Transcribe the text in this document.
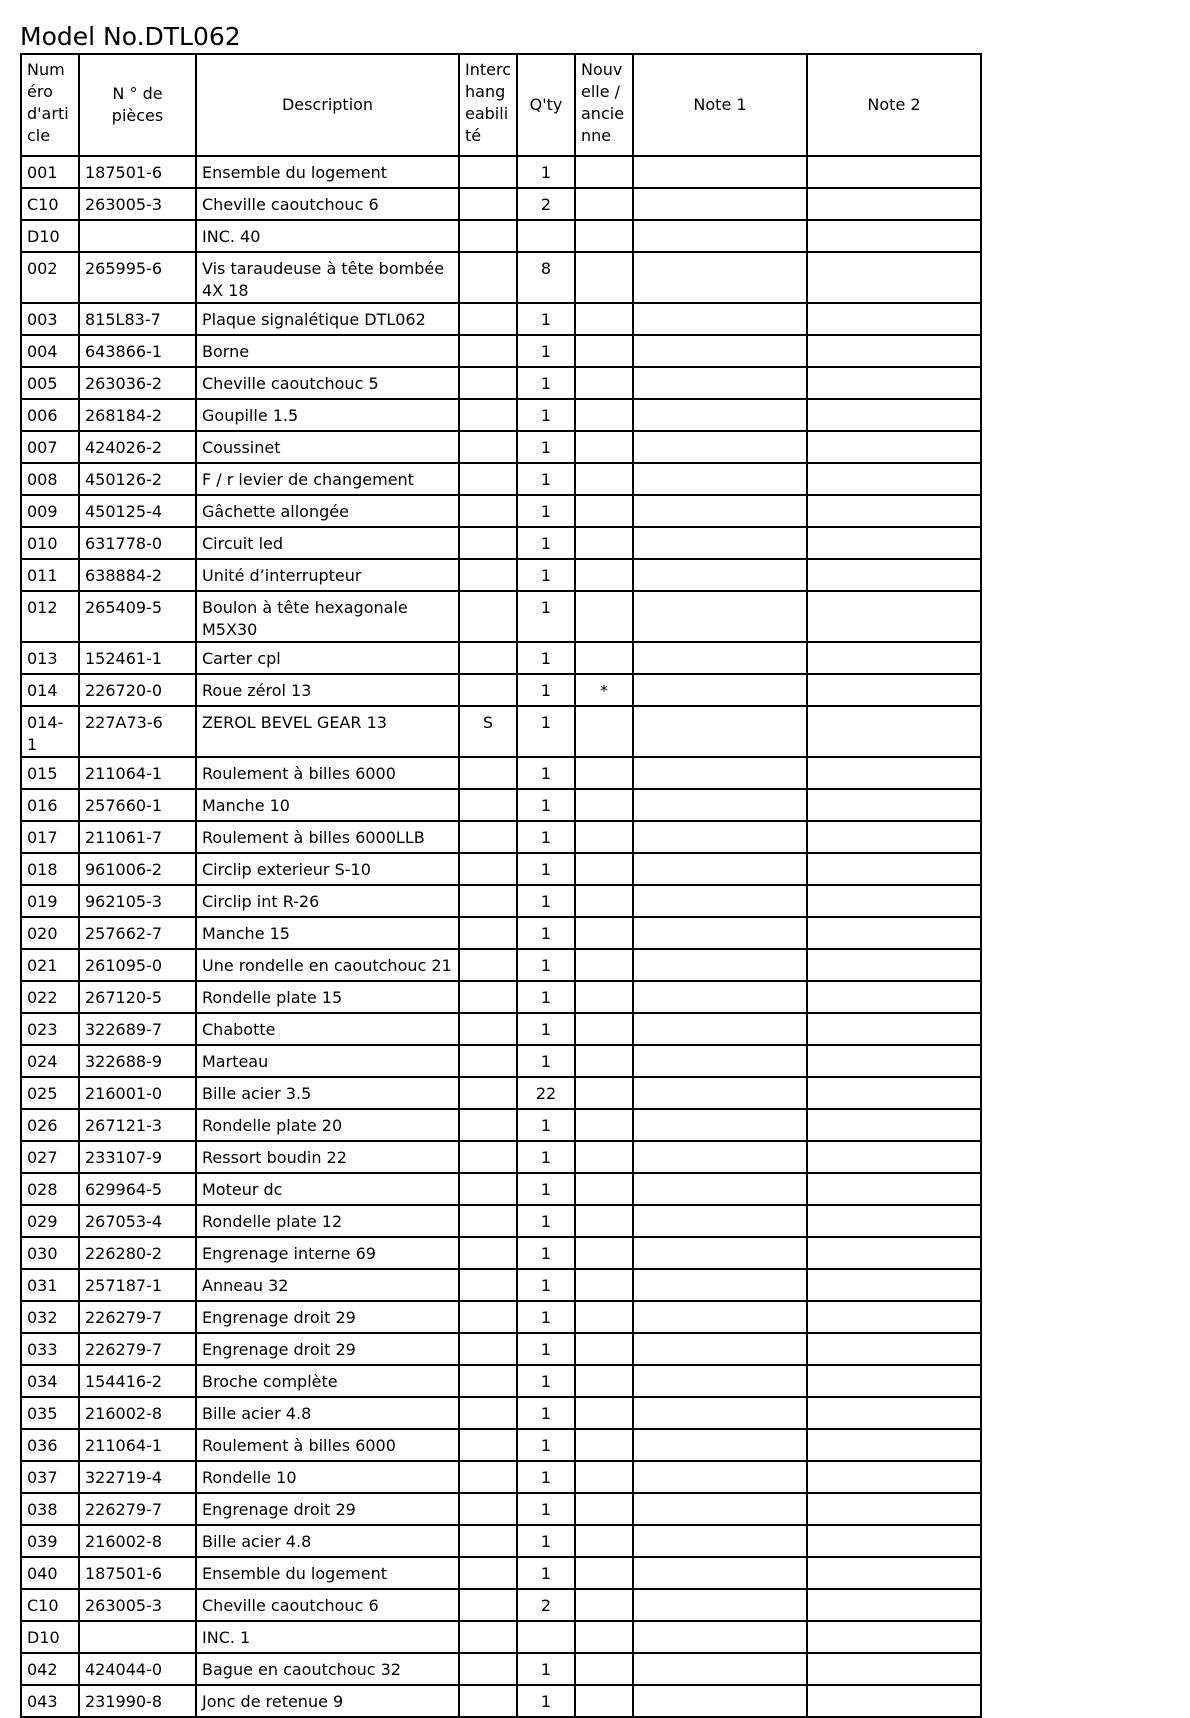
Model No.DTL062
Numéro d'article	N ° de pièces	Description	Interchangeabilité	Q'ty	Nouvelle / ancienne	Note 1	Note 2
001	187501-6	Ensemble du logement		1			
C10	263005-3	Cheville caoutchouc 6		2			
D10		INC. 40					
002	265995-6	Vis taraudeuse à tête bombée 4X 18		8			
003	815L83-7	Plaque signalétique DTL062		1			
004	643866-1	Borne		1			
005	263036-2	Cheville caoutchouc 5		1			
006	268184-2	Goupille 1.5		1			
007	424026-2	Coussinet		1			
008	450126-2	F / r levier de changement		1			
009	450125-4	Gâchette allongée		1			
010	631778-0	Circuit led		1			
011	638884-2	Unité d’interrupteur		1			
012	265409-5	Boulon à tête hexagonale M5X30		1			
013	152461-1	Carter cpl		1			
014	226720-0	Roue zérol 13		1	*		
014-1	227A73-6	ZEROL BEVEL GEAR 13	S	1			
015	211064-1	Roulement à billes 6000		1			
016	257660-1	Manche 10		1			
017	211061-7	Roulement à billes 6000LLB		1			
018	961006-2	Circlip exterieur S-10		1			
019	962105-3	Circlip int R-26		1			
020	257662-7	Manche 15		1			
021	261095-0	Une rondelle en caoutchouc 21		1			
022	267120-5	Rondelle plate 15		1			
023	322689-7	Chabotte		1			
024	322688-9	Marteau		1			
025	216001-0	Bille acier 3.5		22			
026	267121-3	Rondelle plate 20		1			
027	233107-9	Ressort boudin 22		1			
028	629964-5	Moteur dc		1			
029	267053-4	Rondelle plate 12		1			
030	226280-2	Engrenage interne 69		1			
031	257187-1	Anneau 32		1			
032	226279-7	Engrenage droit 29		1			
033	226279-7	Engrenage droit 29		1			
034	154416-2	Broche complète		1			
035	216002-8	Bille acier 4.8		1			
036	211064-1	Roulement à billes 6000		1			
037	322719-4	Rondelle 10		1			
038	226279-7	Engrenage droit 29		1			
039	216002-8	Bille acier 4.8		1			
040	187501-6	Ensemble du logement		1			
C10	263005-3	Cheville caoutchouc 6		2			
D10		INC. 1					
042	424044-0	Bague en caoutchouc 32		1			
043	231990-8	Jonc de retenue 9		1			
